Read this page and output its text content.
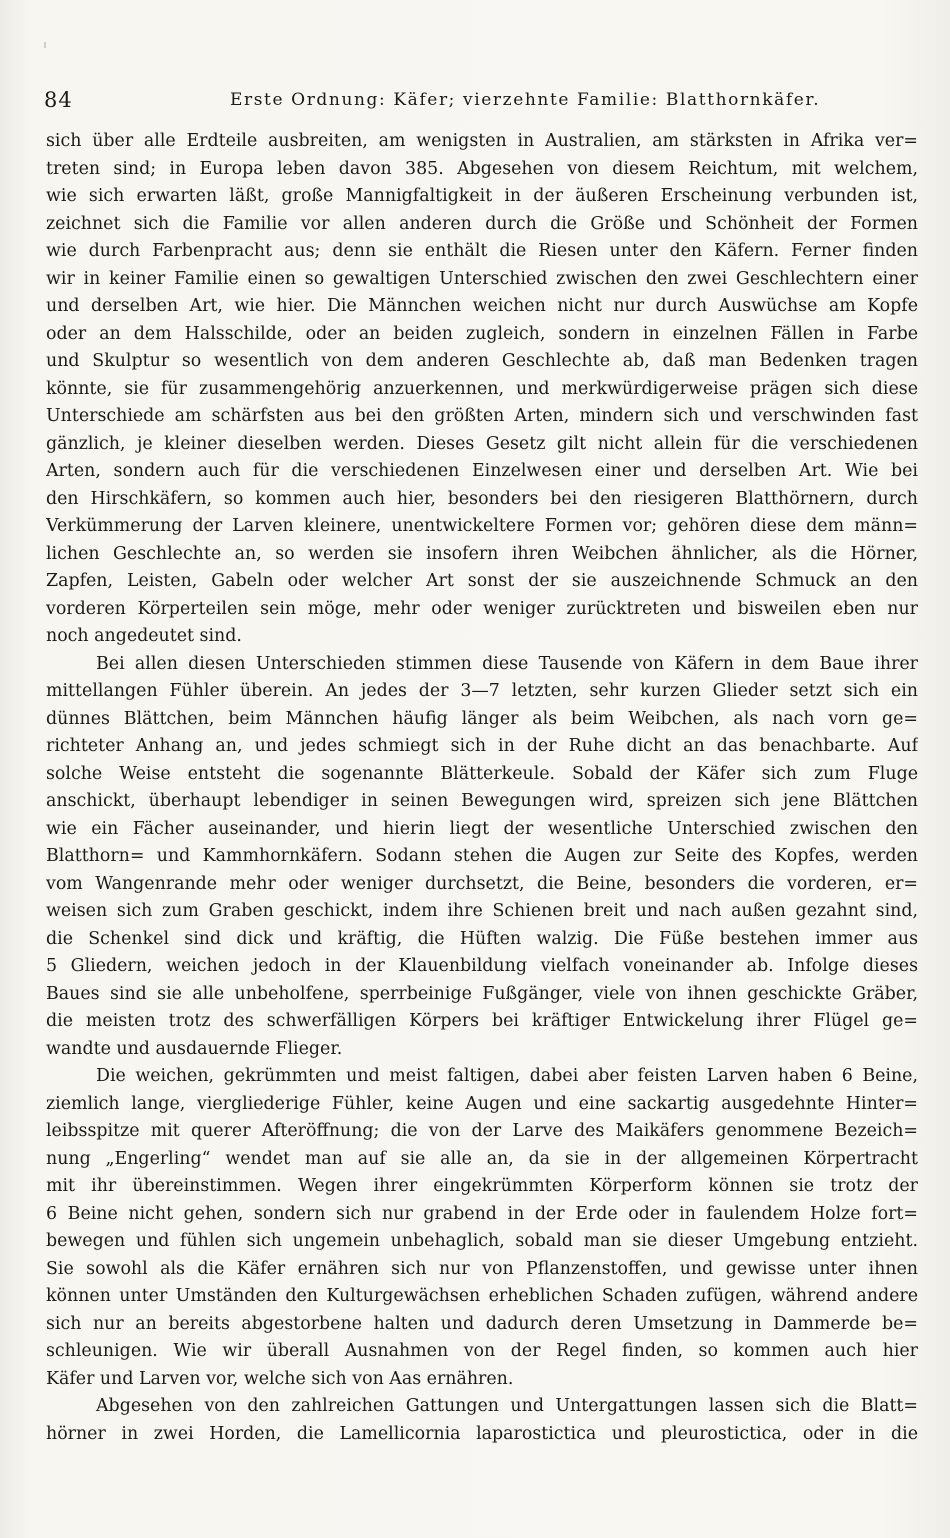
84	Erste Ordnung: Käfer; vierzehnte Familie: Blatthornkäfer.
sich über alle Erdteile ausbreiten, am wenigsten in Australien, am stärksten in Afrika ver=
treten sind; in Europa leben davon 385. Abgesehen von diesem Reichtum, mit welchem,
wie sich erwarten läßt, große Mannigfaltigkeit in der äußeren Erscheinung verbunden ist,
zeichnet sich die Familie vor allen anderen durch die Größe und Schönheit der Formen
wie durch Farbenpracht aus; denn sie enthält die Riesen unter den Käfern. Ferner finden
wir in keiner Familie einen so gewaltigen Unterschied zwischen den zwei Geschlechtern einer
und derselben Art, wie hier. Die Männchen weichen nicht nur durch Auswüchse am Kopfe
oder an dem Halsschilde, oder an beiden zugleich, sondern in einzelnen Fällen in Farbe
und Skulptur so wesentlich von dem anderen Geschlechte ab, daß man Bedenken tragen
könnte, sie für zusammengehörig anzuerkennen, und merkwürdigerweise prägen sich diese
Unterschiede am schärfsten aus bei den größten Arten, mindern sich und verschwinden fast
gänzlich, je kleiner dieselben werden. Dieses Gesetz gilt nicht allein für die verschiedenen
Arten, sondern auch für die verschiedenen Einzelwesen einer und derselben Art. Wie bei
den Hirschkäfern, so kommen auch hier, besonders bei den riesigeren Blatthörnern, durch
Verkümmerung der Larven kleinere, unentwickeltere Formen vor; gehören diese dem männ=
lichen Geschlechte an, so werden sie insofern ihren Weibchen ähnlicher, als die Hörner,
Zapfen, Leisten, Gabeln oder welcher Art sonst der sie auszeichnende Schmuck an den
vorderen Körperteilen sein möge, mehr oder weniger zurücktreten und bisweilen eben nur
noch angedeutet sind.
Bei allen diesen Unterschieden stimmen diese Tausende von Käfern in dem Baue ihrer
mittellangen Fühler überein. An jedes der 3—7 letzten, sehr kurzen Glieder setzt sich ein
dünnes Blättchen, beim Männchen häufig länger als beim Weibchen, als nach vorn ge=
richteter Anhang an, und jedes schmiegt sich in der Ruhe dicht an das benachbarte. Auf
solche Weise entsteht die sogenannte Blätterkeule. Sobald der Käfer sich zum Fluge
anschickt, überhaupt lebendiger in seinen Bewegungen wird, spreizen sich jene Blättchen
wie ein Fächer auseinander, und hierin liegt der wesentliche Unterschied zwischen den
Blatthorn= und Kammhornkäfern. Sodann stehen die Augen zur Seite des Kopfes, werden
vom Wangenrande mehr oder weniger durchsetzt, die Beine, besonders die vorderen, er=
weisen sich zum Graben geschickt, indem ihre Schienen breit und nach außen gezahnt sind,
die Schenkel sind dick und kräftig, die Hüften walzig. Die Füße bestehen immer aus
5 Gliedern, weichen jedoch in der Klauenbildung vielfach voneinander ab. Infolge dieses
Baues sind sie alle unbeholfene, sperrbeinige Fußgänger, viele von ihnen geschickte Gräber,
die meisten trotz des schwerfälligen Körpers bei kräftiger Entwickelung ihrer Flügel ge=
wandte und ausdauernde Flieger.
Die weichen, gekrümmten und meist faltigen, dabei aber feisten Larven haben 6 Beine,
ziemlich lange, viergliederige Fühler, keine Augen und eine sackartig ausgedehnte Hinter=
leibsspitze mit querer Afteröffnung; die von der Larve des Maikäfers genommene Bezeich=
nung „Engerling“ wendet man auf sie alle an, da sie in der allgemeinen Körpertracht
mit ihr übereinstimmen. Wegen ihrer eingekrümmten Körperform können sie trotz der
6 Beine nicht gehen, sondern sich nur grabend in der Erde oder in faulendem Holze fort=
bewegen und fühlen sich ungemein unbehaglich, sobald man sie dieser Umgebung entzieht.
Sie sowohl als die Käfer ernähren sich nur von Pflanzenstoffen, und gewisse unter ihnen
können unter Umständen den Kulturgewächsen erheblichen Schaden zufügen, während andere
sich nur an bereits abgestorbene halten und dadurch deren Umsetzung in Dammerde be=
schleunigen. Wie wir überall Ausnahmen von der Regel finden, so kommen auch hier
Käfer und Larven vor, welche sich von Aas ernähren.
Abgesehen von den zahlreichen Gattungen und Untergattungen lassen sich die Blatt=
hörner in zwei Horden, die Lamellicornia laparostictica und pleurostictica, oder in die
